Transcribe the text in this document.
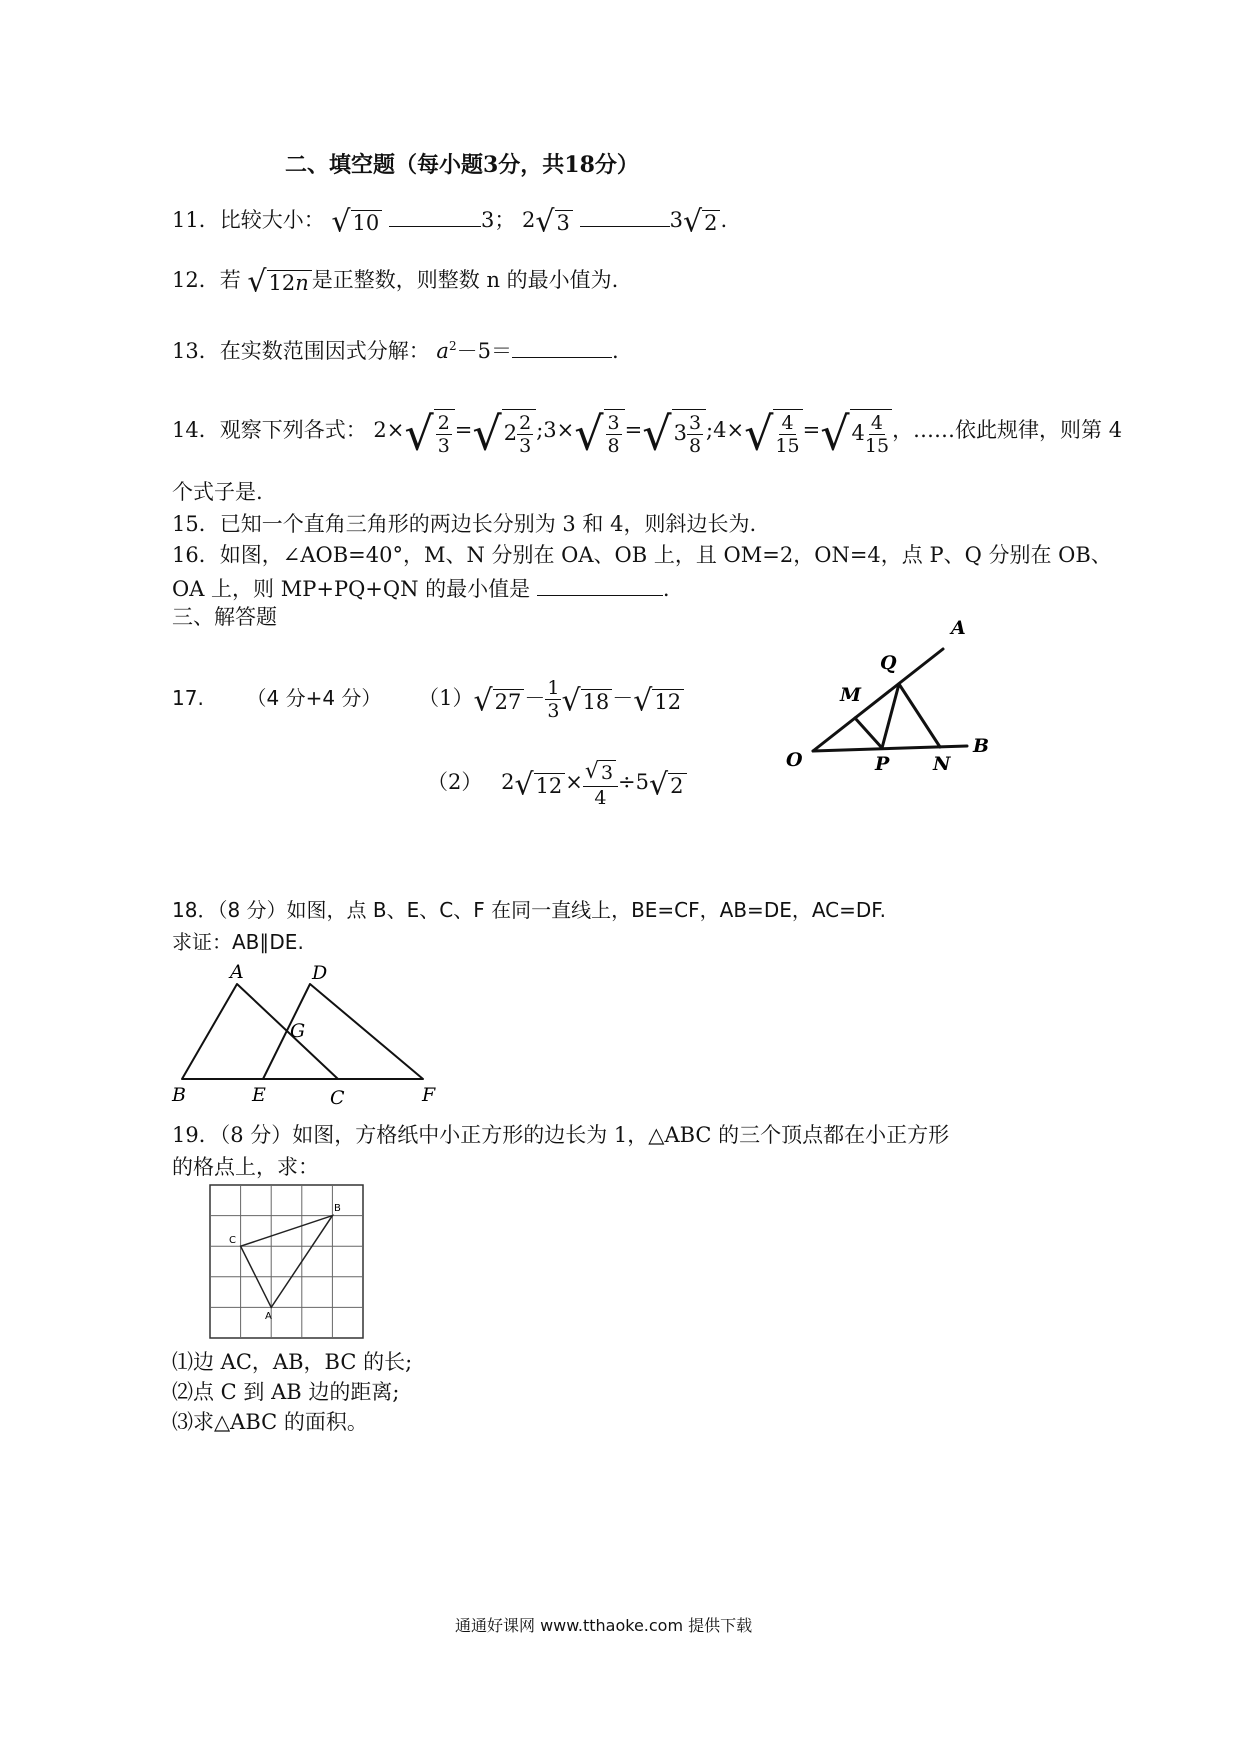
二、填空题（每小题3分，共18分）
11．比较大小： √10	3； 2√3	3√2 .
12．若 √12n 是正整数，则整数 n 的最小值为.
13．在实数范围因式分解： $a^2-5=$	.
14．观察下列各式： $2\times√ \frac{2}{3} =√2 \frac{2}{3}$ ;3×√ $\frac{3}{8} =√3 \frac{3}{8}$ ;4×√ $\frac{4}{15} =√4 \frac{4}{15}$ ，……依此规律，则第 4
个式子是.
15．已知一个直角三角形的两边长分别为 3 和 4，则斜边长为.
16．如图，∠AOB=40°，M、N 分别在 OA、OB 上，且 OM=2，ON=4，点 P、Q 分别在 OB、
OA 上，则 MP+PQ+QN 的最小值是	.
三、解答题
17. （4 分+4 分） $(1)√27 - \frac{1}{3} √18 -√12$
（2） $2√12 \times \frac{√ 3}{4} \div 5√2$
A
Q
M
O	P N
B
18．（8 分）如图，点 B、E、C、F 在同一直线上，BE=CF，AB=DE，AC=DF.
求证：AB∥DE.
A	D
G
B	E	C	F
19．（8 分）如图，方格纸中小正方形的边长为 1，△ABC 的三个顶点都在小正方形
的格点上，求：
B
C
A
⑴边 AC，AB，BC 的长;
⑵点 C 到 AB 边的距离;
⑶求△ABC 的面积。
通通好课网 www.tthaoke.com 提供下载
